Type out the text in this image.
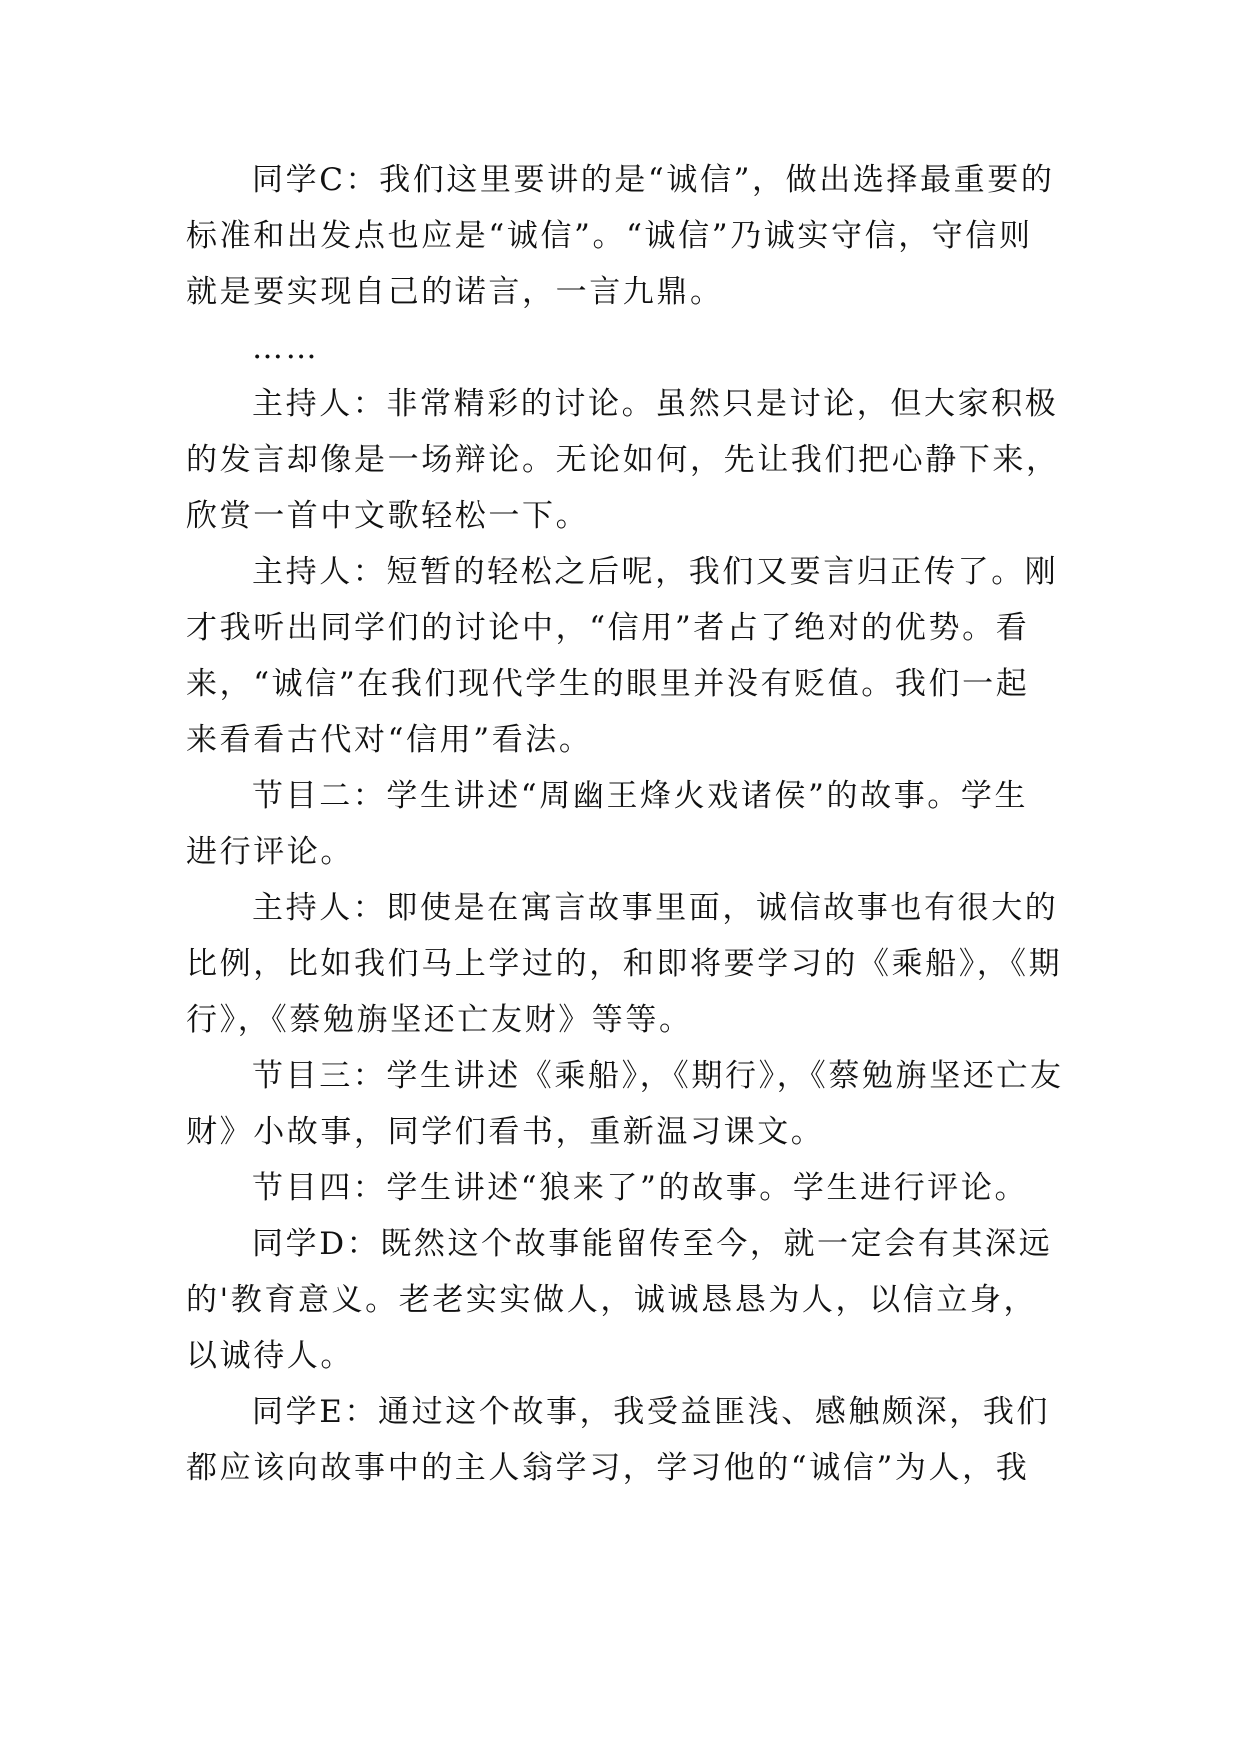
同学C：我们这里要讲的是“诚信”，做出选择最重要的
标准和出发点也应是“诚信”。“诚信”乃诚实守信，守信则
就是要实现自己的诺言，一言九鼎。
……
主持人：非常精彩的讨论。虽然只是讨论，但大家积极
的发言却像是一场辩论。无论如何，先让我们把心静下来，
欣赏一首中文歌轻松一下。
主持人：短暂的轻松之后呢，我们又要言归正传了。刚
才我听出同学们的讨论中，“信用”者占了绝对的优势。看
来，“诚信”在我们现代学生的眼里并没有贬值。我们一起
来看看古代对“信用”看法。
节目二：学生讲述“周幽王烽火戏诸侯”的故事。学生
进行评论。
主持人：即使是在寓言故事里面，诚信故事也有很大的
比例，比如我们马上学过的，和即将要学习的《乘船》，《期
行》，《蔡勉旃坚还亡友财》等等。
节目三：学生讲述《乘船》，《期行》，《蔡勉旃坚还亡友
财》小故事，同学们看书，重新温习课文。
节目四：学生讲述“狼来了”的故事。学生进行评论。
同学D：既然这个故事能留传至今，就一定会有其深远
的'教育意义。老老实实做人，诚诚恳恳为人，以信立身，
以诚待人。
同学E：通过这个故事，我受益匪浅、感触颇深，我们
都应该向故事中的主人翁学习，学习他的“诚信”为人，我
